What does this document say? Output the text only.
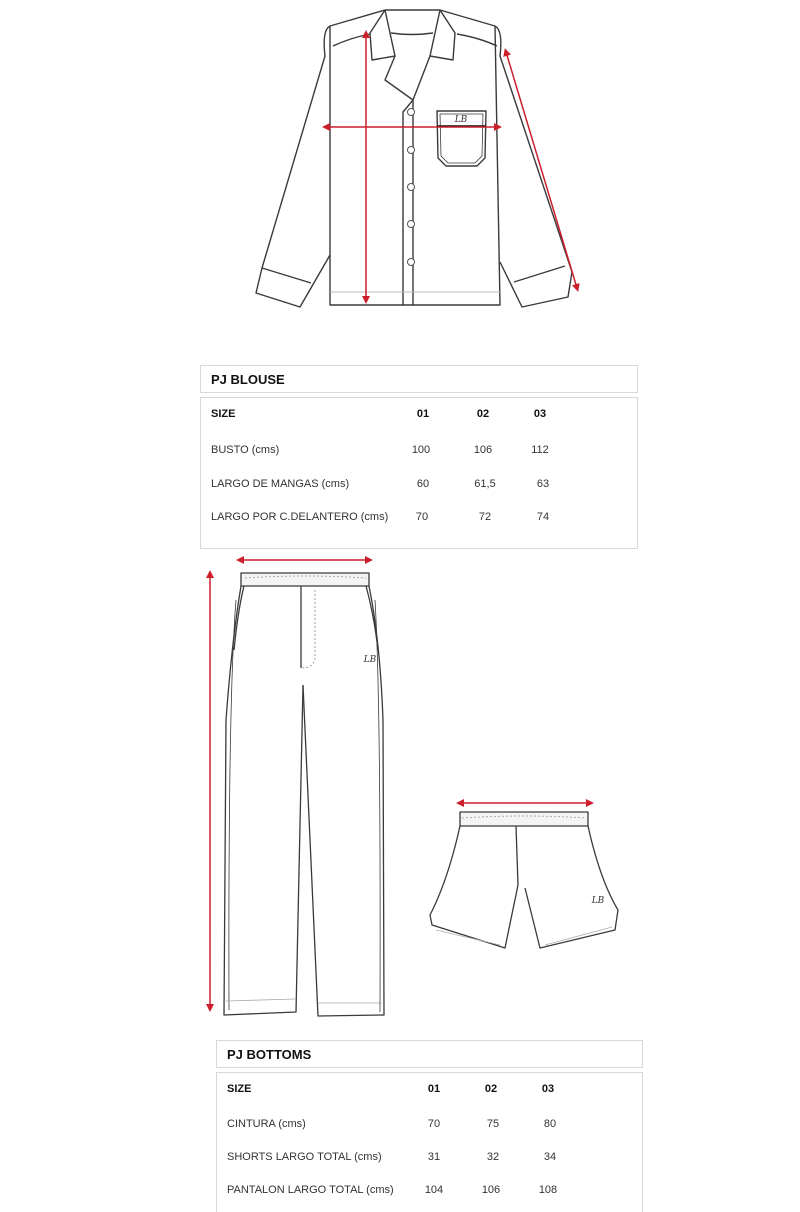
LB
PJ BLOUSE
SIZE	01	02	03
BUSTO (cms)	100	106	112
LARGO DE MANGAS (cms)	60	61,5	63
LARGO POR C.DELANTERO (cms)	70	72	74
LB
LB
PJ BOTTOMS
SIZE	01	02	03
CINTURA (cms)	70	75	80
SHORTS LARGO TOTAL (cms)	31	32	34
PANTALON LARGO TOTAL (cms)	104	106	108
